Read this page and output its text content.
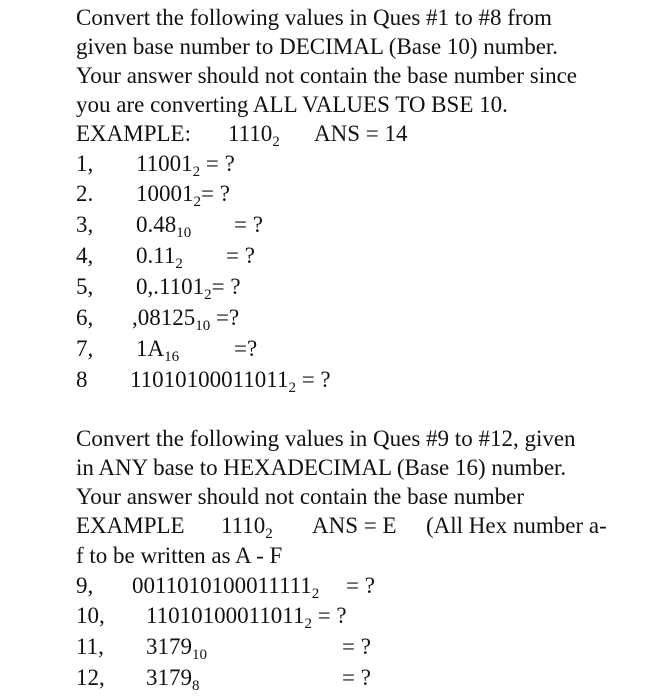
Convert the following values in Ques #1 to #8 from
given base number to DECIMAL (Base 10) number.
Your answer should not contain the base number since
you are converting ALL VALUES TO BSE 10.
EXAMPLE: $1110_2$ ANS = 14
1, $11001_2$ = ?
2. $10001_2=$ ?
3, $0.48_{10}$ = ?
4, $0.11_2$ = ?
5, $0,.1101_2=$ ?
6, $,08125_{10}$ =?
7, $1A_{16}$ =?
8 $11010100011011_2$ = ?
Convert the following values in Ques #9 to #12, given
in ANY base to HEXADECIMAL (Base 16) number.
Your answer should not contain the base number
EXAMPLE $1110_2$ ANS = E (All Hex number a-
f to be written as A - F
9, $0011010100011111_2$ = ?
10, $11010100011011_2$ = ?
11, $3179_{10}$	= ?
12, $3179_8$	= ?
